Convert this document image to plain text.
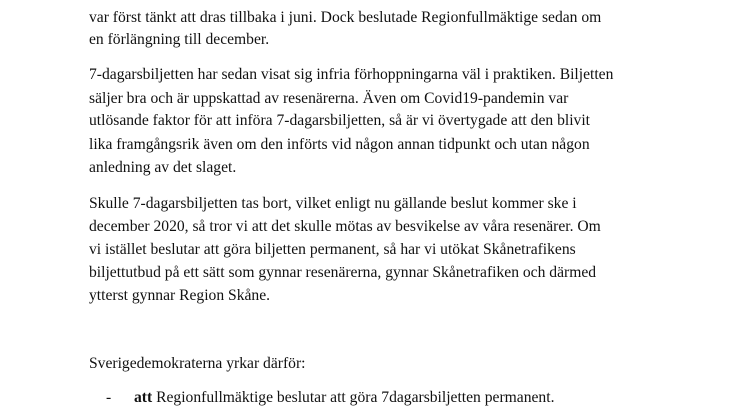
var först tänkt att dras tillbaka i juni. Dock beslutade Regionfullmäktige sedan om
en förlängning till december.
7-dagarsbiljetten har sedan visat sig infria förhoppningarna väl i praktiken. Biljetten
säljer bra och är uppskattad av resenärerna. Även om Covid19-pandemin var
utlösande faktor för att införa 7-dagarsbiljetten, så är vi övertygade att den blivit
lika framgångsrik även om den införts vid någon annan tidpunkt och utan någon
anledning av det slaget.
Skulle 7-dagarsbiljetten tas bort, vilket enligt nu gällande beslut kommer ske i
december 2020, så tror vi att det skulle mötas av besvikelse av våra resenärer. Om
vi istället beslutar att göra biljetten permanent, så har vi utökat Skånetrafikens
biljettutbud på ett sätt som gynnar resenärerna, gynnar Skånetrafiken och därmed
ytterst gynnar Region Skåne.
Sverigedemokraterna yrkar därför:
- att Regionfullmäktige beslutar att göra 7dagarsbiljetten permanent.
